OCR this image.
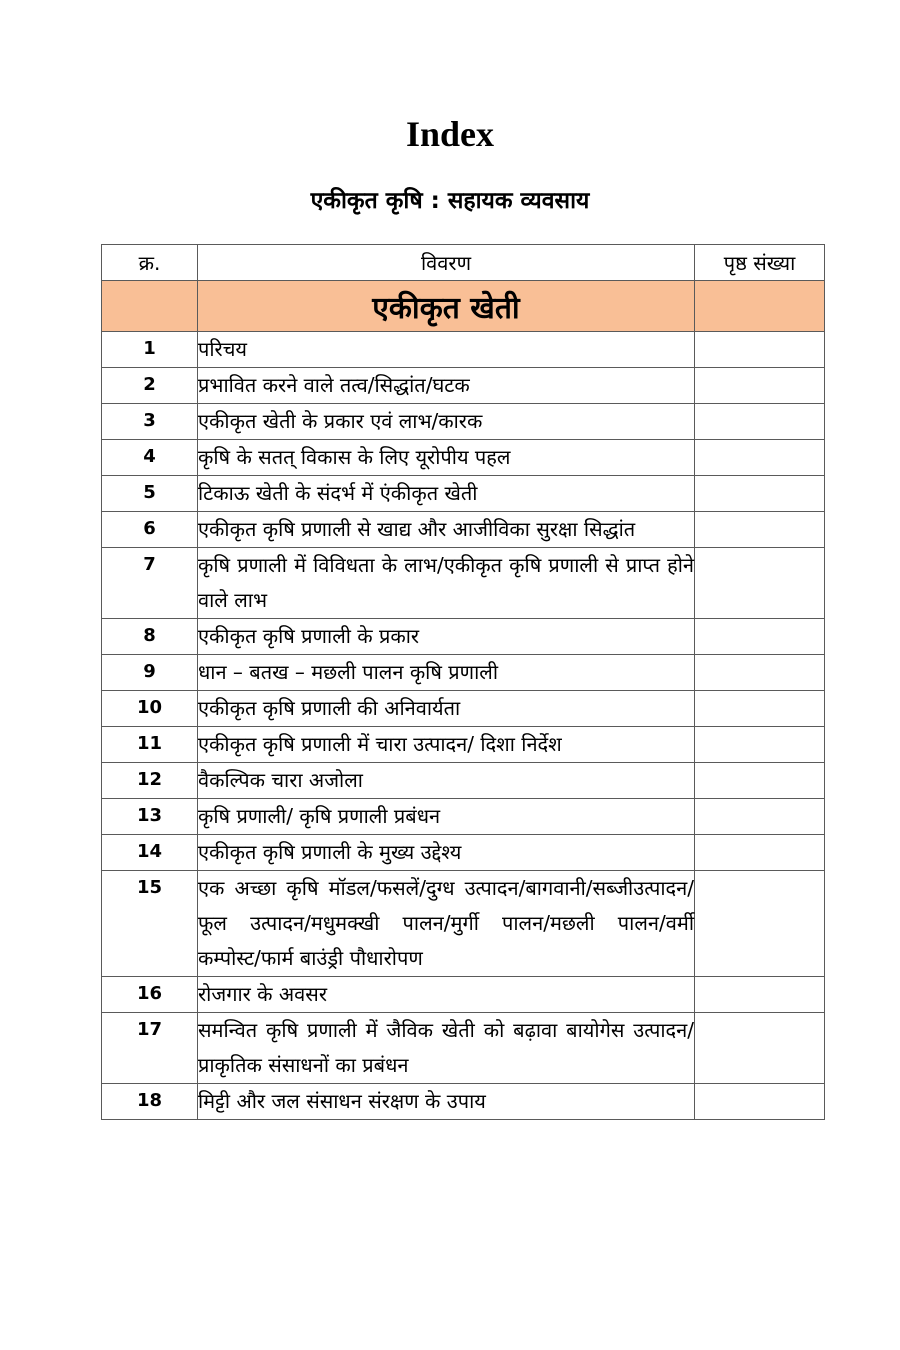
Index
एकीकृत कृषि : सहायक व्यवसाय
क्र.	विवरण	पृष्ठ संख्या
	एकीकृत खेती	
1	परिचय	
2	प्रभावित करने वाले तत्व/सिद्धांत/घटक	
3	एकीकृत खेती के प्रकार एवं लाभ/कारक	
4	कृषि के सतत् विकास के लिए यूरोपीय पहल	
5	टिकाऊ खेती के संदर्भ में एंकीकृत खेती	
6	एकीकृत कृषि प्रणाली से खाद्य और आजीविका सुरक्षा सिद्धांत	
7	कृषि प्रणाली में विविधता के लाभ/एकीकृत कृषि प्रणाली से प्राप्त होने वाले लाभ	
8	एकीकृत कृषि प्रणाली के प्रकार	
9	धान – बतख – मछली पालन कृषि प्रणाली	
10	एकीकृत कृषि प्रणाली की अनिवार्यता	
11	एकीकृत कृषि प्रणाली में चारा उत्पादन/ दिशा निर्देश	
12	वैकल्पिक चारा अजोला	
13	कृषि प्रणाली/ कृषि प्रणाली प्रबंधन	
14	एकीकृत कृषि प्रणाली के मुख्य उद्देश्य	
15	एक अच्छा कृषि मॉडल/फसलें/दुग्ध उत्पादन/बागवानी/सब्जीउत्पादन/फूल उत्पादन/मधुमक्खी पालन/मुर्गी पालन/मछली पालन/वर्मी कम्पोस्ट/फार्म बाउंड्री पौधारोपण	
16	रोजगार के अवसर	
17	समन्वित कृषि प्रणाली में जैविक खेती को बढ़ावा बायोगेस उत्पादन/प्राकृतिक संसाधनों का प्रबंधन	
18	मिट्टी और जल संसाधन संरक्षण के उपाय	
